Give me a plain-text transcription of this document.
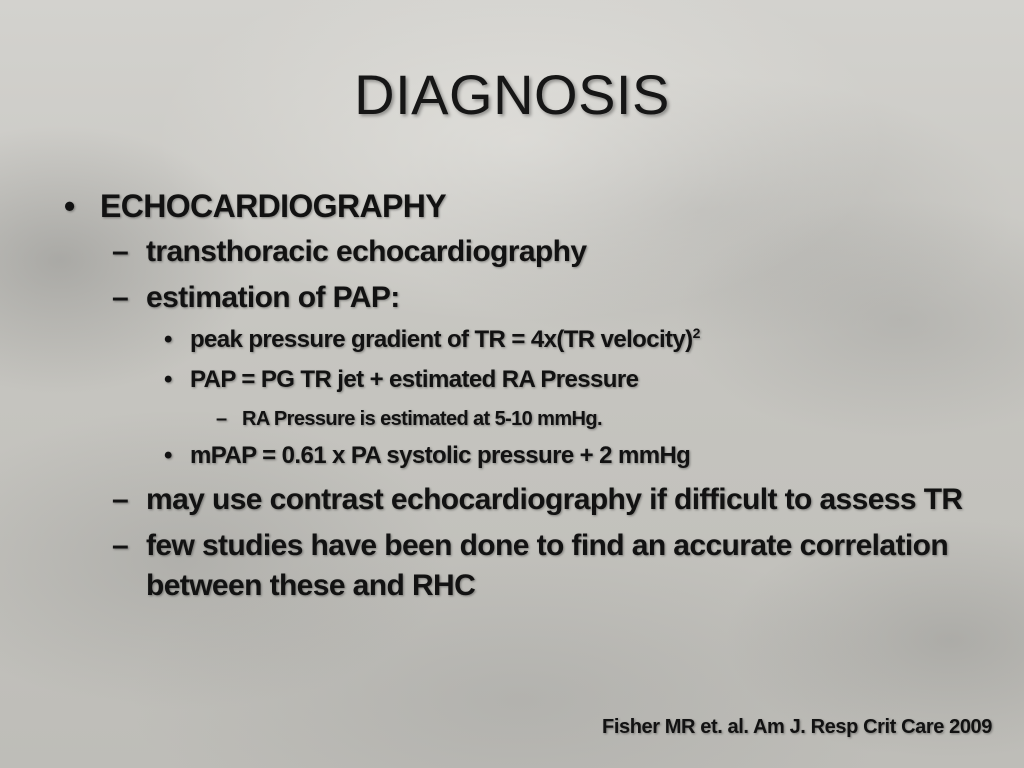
DIAGNOSIS
• ECHOCARDIOGRAPHY
– transthoracic echocardiography
– estimation of PAP:
• peak pressure gradient of TR = 4x(TR velocity)$^2$
• PAP = PG TR jet + estimated RA Pressure
– RA Pressure is estimated at 5-10 mmHg.
• mPAP = 0.61 x PA systolic pressure + 2 mmHg
– may use contrast echocardiography if difficult to assess TR
– few studies have been done to find an accurate correlation between these and RHC
Fisher MR et. al. Am J. Resp Crit Care 2009
